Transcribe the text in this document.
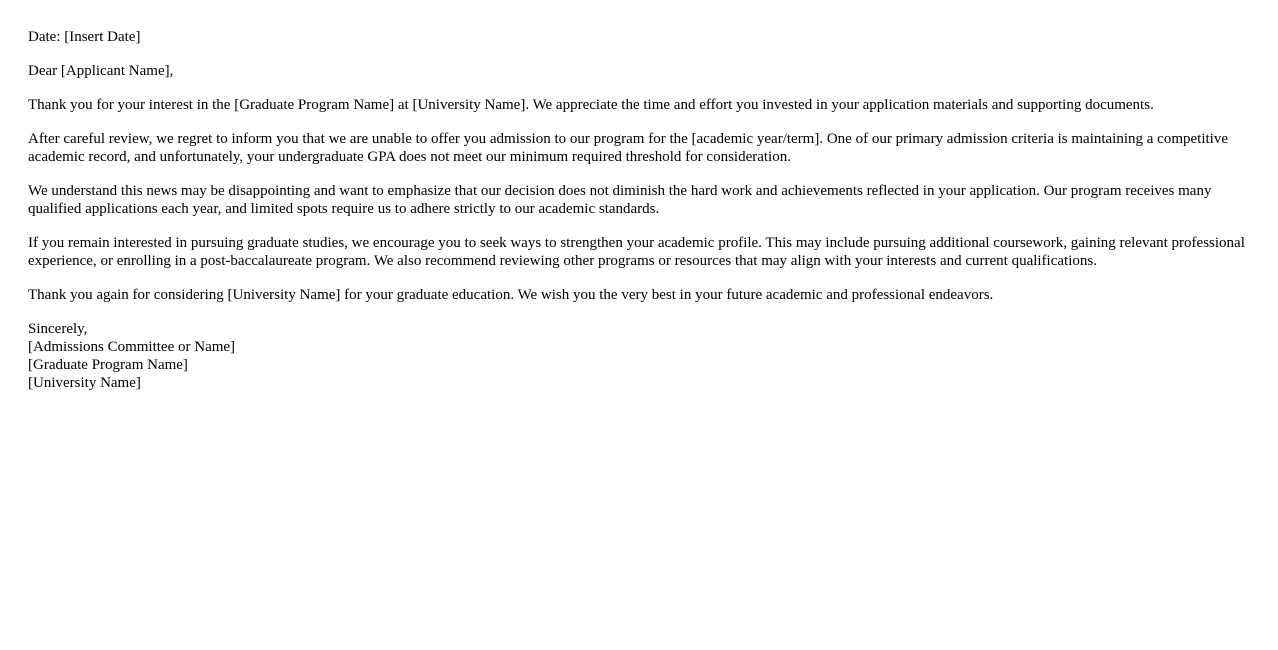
Date: [Insert Date]

Dear [Applicant Name],

Thank you for your interest in the [Graduate Program Name] at [University Name]. We appreciate the time and effort you invested in your application materials and supporting documents.

After careful review, we regret to inform you that we are unable to offer you admission to our program for the [academic year/term]. One of our primary admission criteria is maintaining a competitive academic record, and unfortunately, your undergraduate GPA does not meet our minimum required threshold for consideration.

We understand this news may be disappointing and want to emphasize that our decision does not diminish the hard work and achievements reflected in your application. Our program receives many qualified applications each year, and limited spots require us to adhere strictly to our academic standards.

If you remain interested in pursuing graduate studies, we encourage you to seek ways to strengthen your academic profile. This may include pursuing additional coursework, gaining relevant professional experience, or enrolling in a post-baccalaureate program. We also recommend reviewing other programs or resources that may align with your interests and current qualifications.

Thank you again for considering [University Name] for your graduate education. We wish you the very best in your future academic and professional endeavors.

Sincerely,
[Admissions Committee or Name]
[Graduate Program Name]
[University Name]
